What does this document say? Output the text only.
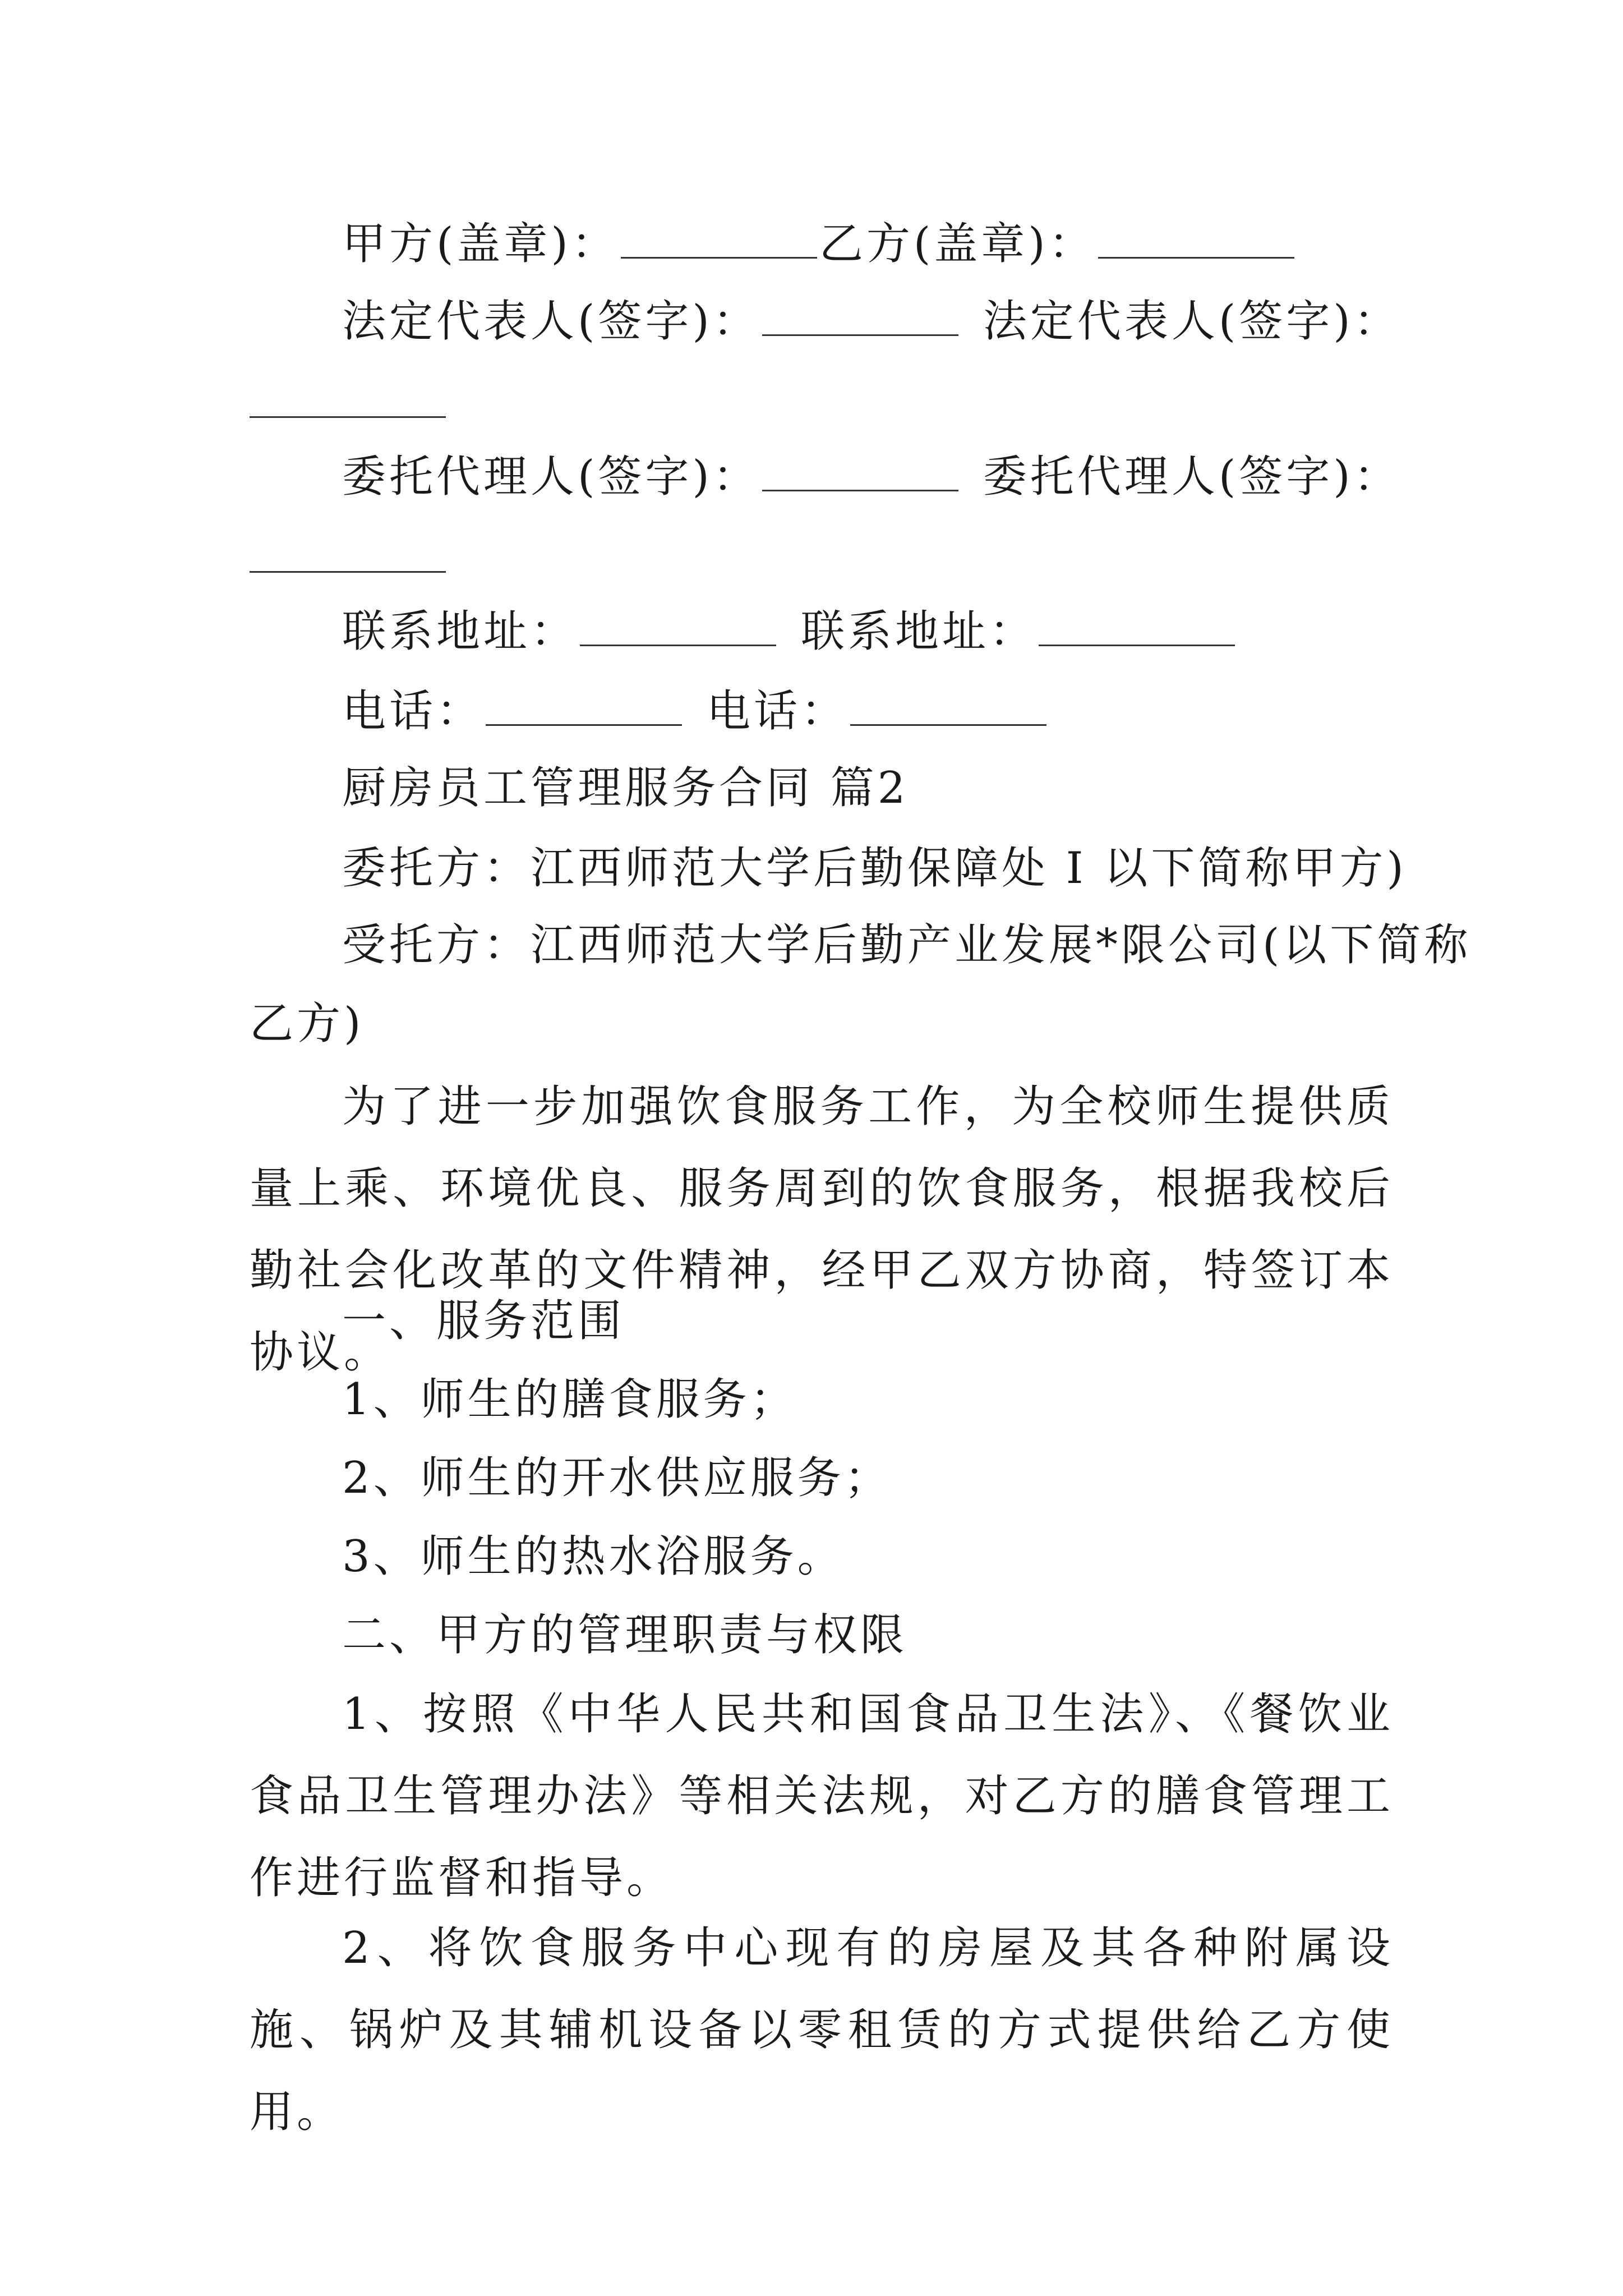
甲方(盖章)：	乙方(盖章)：
法定代表人(签字)：	法定代表人(签字)：
委托代理人(签字)：	委托代理人(签字)：
联系地址：	联系地址：
电话：	电话：
厨房员工管理服务合同 篇2
委托方：江西师范大学后勤保障处 I 以下简称甲方)
受托方：江西师范大学后勤产业发展*限公司(以下简称
乙方)
为了进一步加强饮食服务工作，为全校师生提供质量上乘、环境优良、服务周到的饮食服务，根据我校后勤社会化改革的文件精神，经甲乙双方协商，特签订本协议。
一、服务范围
1、师生的膳食服务；
2、师生的开水供应服务；
3、师生的热水浴服务。
二、甲方的管理职责与权限
1、按照《中华人民共和国食品卫生法》、《餐饮业食品卫生管理办法》等相关法规，对乙方的膳食管理工作进行监督和指导。
2、将饮食服务中心现有的房屋及其各种附属设施、锅炉及其辅机设备以零租赁的方式提供给乙方使用。
